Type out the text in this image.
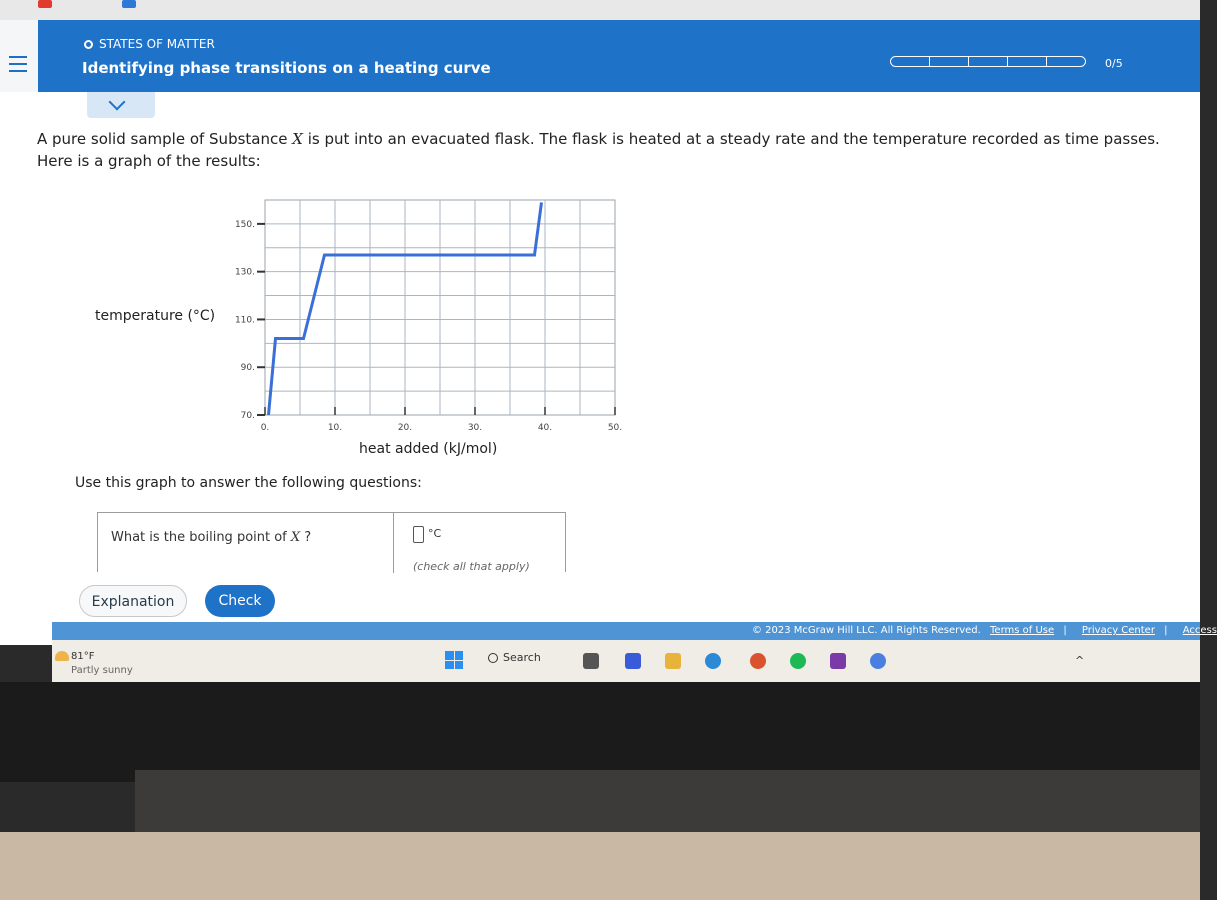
STATES OF MATTER
Identifying phase transitions on a heating curve	0/5
A pure solid sample of Substance X is put into an evacuated flask. The flask is heated at a steady rate and the temperature recorded as time passes. Here is a graph of the results:
temperature (°C)
70.
90.
110.
130.
150.
0.	10.	20.	30.	40.	50.
heat added (kJ/mol)
Use this graph to answer the following questions:
What is the boiling point of X ?	°C
(check all that apply)
Explanation	Check
© 2023 McGraw Hill LLC. All Rights Reserved. Terms of Use | Privacy Center | Access
81°F
Partly sunny
Search	^
